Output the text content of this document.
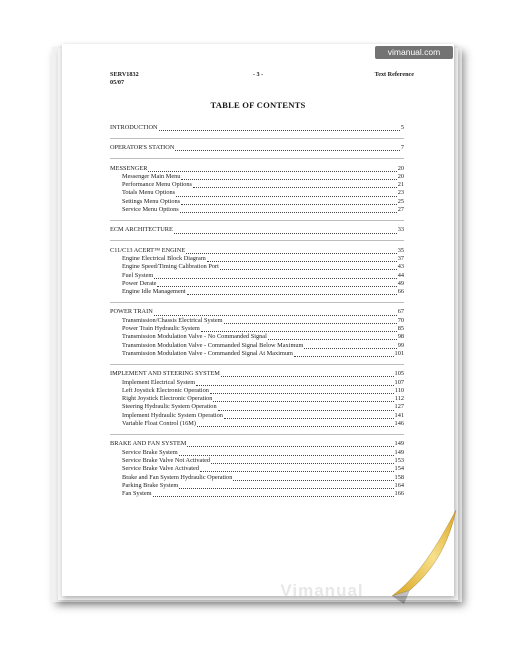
SERV1832
05/07
- 3 -	Text Reference
TABLE OF CONTENTS
INTRODUCTION	5
OPERATOR'S STATION	7
MESSENGER	20
Messenger Main Menu	20
Performance Menu Options	21
Totals Menu Options	23
Settings Menu Options	25
Service Menu Options	27
ECM ARCHITECTURE	33
C11/C13 ACERT™ ENGINE	35
Engine Electrical Block Diagram	37
Engine Speed/Timing Calibration Port	43
Fuel System	44
Power Derate	49
Engine Idle Management	66
POWER TRAIN	67
Transmission/Chassis Electrical System	70
Power Train Hydraulic System	85
Transmission Modulation Valve - No Commanded Signal	98
Transmission Modulation Valve - Commanded Signal Below Maximum	99
Transmission Modulation Valve - Commanded Signal At Maximum	101
IMPLEMENT AND STEERING SYSTEM	105
Implement Electrical System	107
Left Joystick Electronic Operation	110
Right Joystick Electronic Operation	112
Steering Hydraulic System Operation	127
Implement Hydraulic System Operation	141
Variable Float Control (16M)	146
BRAKE AND FAN SYSTEM	149
Service Brake System	149
Service Brake Valve Not Activated	153
Service Brake Valve Activated	154
Brake and Fan System Hydraulic Operation	158
Parking Brake System	164
Fan System	166
Vimanual
vimanual.com
